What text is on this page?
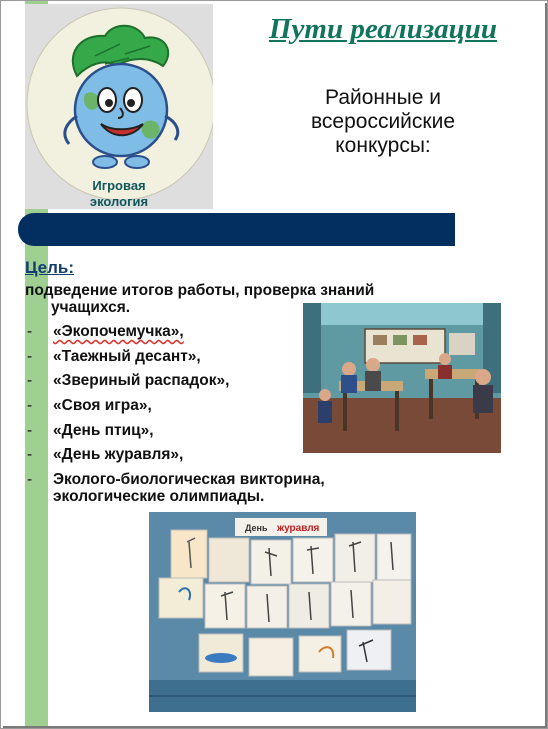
Игровая
экология
Пути реализации
Районные и
всероссийские
конкурсы:
Цель:
подведение итогов работы, проверка знаний
учащихся.
- «Экопочемучка»,
- «Таежный десант»,
- «Звериный распадок»,
- «Своя игра»,
- «День птиц»,
- «День журавля»,
- Эколого-биологическая викторина,
экологические олимпиады.
День журавля
